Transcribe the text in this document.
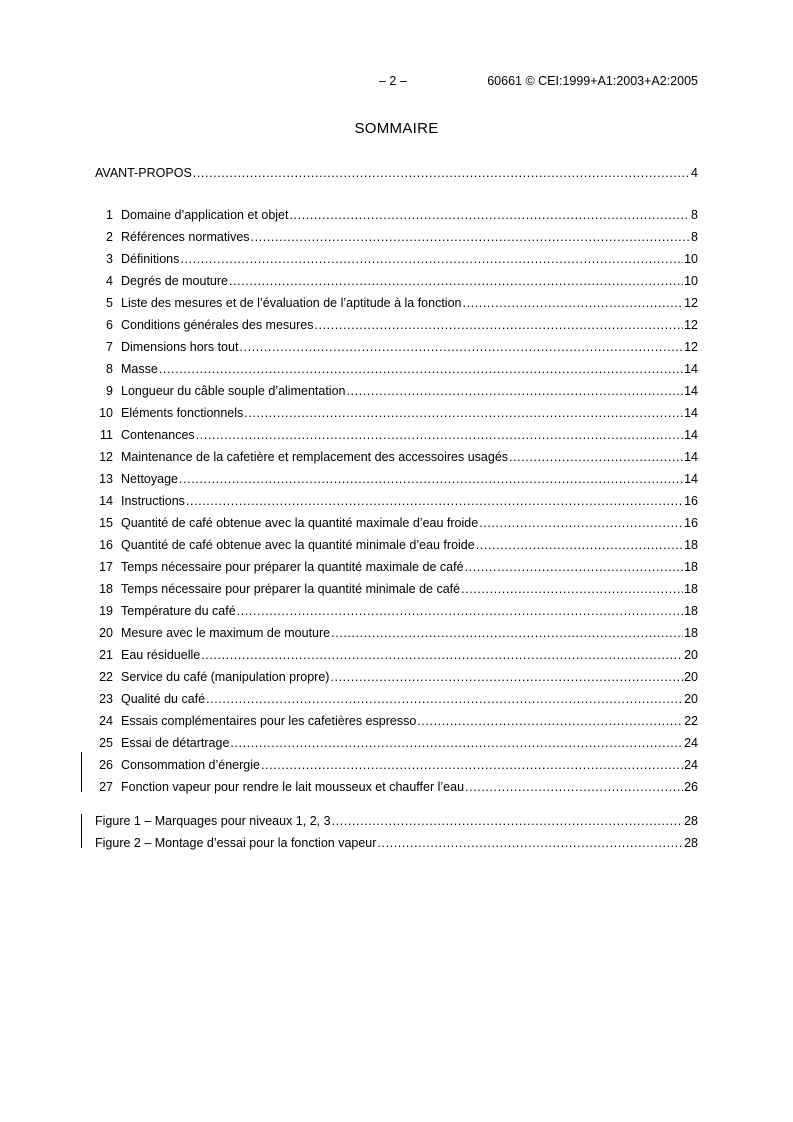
– 2 –	60661 © CEI:1999+A1:2003+A2:2005
SOMMAIRE
AVANT-PROPOS .....	4
1 Domaine d’application et objet .....	8
2 Références normatives .....	8
3 Définitions .....	10
4 Degrés de mouture .....	10
5 Liste des mesures et de l’évaluation de l’aptitude à la fonction .....	12
6 Conditions générales des mesures .....	12
7 Dimensions hors tout .....	12
8 Masse .....	14
9 Longueur du câble souple d’alimentation .....	14
10 Eléments fonctionnels .....	14
11 Contenances .....	14
12 Maintenance de la cafetière et remplacement des accessoires usagés .....	14
13 Nettoyage .....	14
14 Instructions .....	16
15 Quantité de café obtenue avec la quantité maximale d’eau froide .....	16
16 Quantité de café obtenue avec la quantité minimale d’eau froide .....	18
17 Temps nécessaire pour préparer la quantité maximale de café .....	18
18 Temps nécessaire pour préparer la quantité minimale de café .....	18
19 Température du café .....	18
20 Mesure avec le maximum de mouture .....	18
21 Eau résiduelle .....	20
22 Service du café (manipulation propre) .....	20
23 Qualité du café .....	20
24 Essais complémentaires pour les cafetières espresso .....	22
25 Essai de détartrage .....	24
26 Consommation d’énergie .....	24
27 Fonction vapeur pour rendre le lait mousseux et chauffer l’eau .....	26
Figure 1 – Marquages pour niveaux 1, 2, 3 .....	28
Figure 2 – Montage d’essai pour la fonction vapeur .....	28
